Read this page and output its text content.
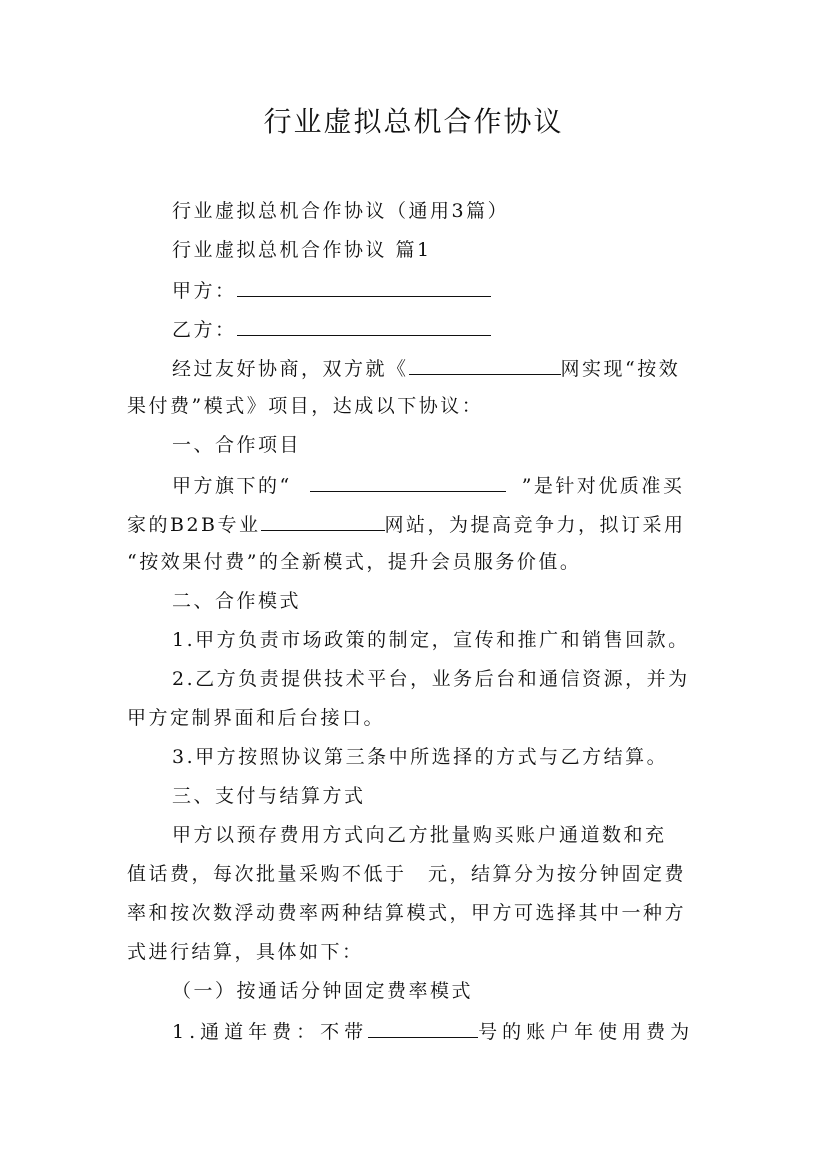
行业虚拟总机合作协议
行业虚拟总机合作协议（通用3篇）
行业虚拟总机合作协议 篇1
甲方：
乙方：
经过友好协商，双方就《	网实现“按效
果付费”模式》项目，达成以下协议：
一、合作项目
甲方旗下的“	”是针对优质准买
家的B2B专业	网站，为提高竞争力，拟订采用
“按效果付费”的全新模式，提升会员服务价值。
二、合作模式
1.甲方负责市场政策的制定，宣传和推广和销售回款。
2.乙方负责提供技术平台，业务后台和通信资源，并为
甲方定制界面和后台接口。
3.甲方按照协议第三条中所选择的方式与乙方结算。
三、支付与结算方式
甲方以预存费用方式向乙方批量购买账户通道数和充
值话费，每次批量采购不低于　元，结算分为按分钟固定费
率和按次数浮动费率两种结算模式，甲方可选择其中一种方
式进行结算，具体如下：
（一）按通话分钟固定费率模式
1.通道年费：不带	号的账户年使用费为
